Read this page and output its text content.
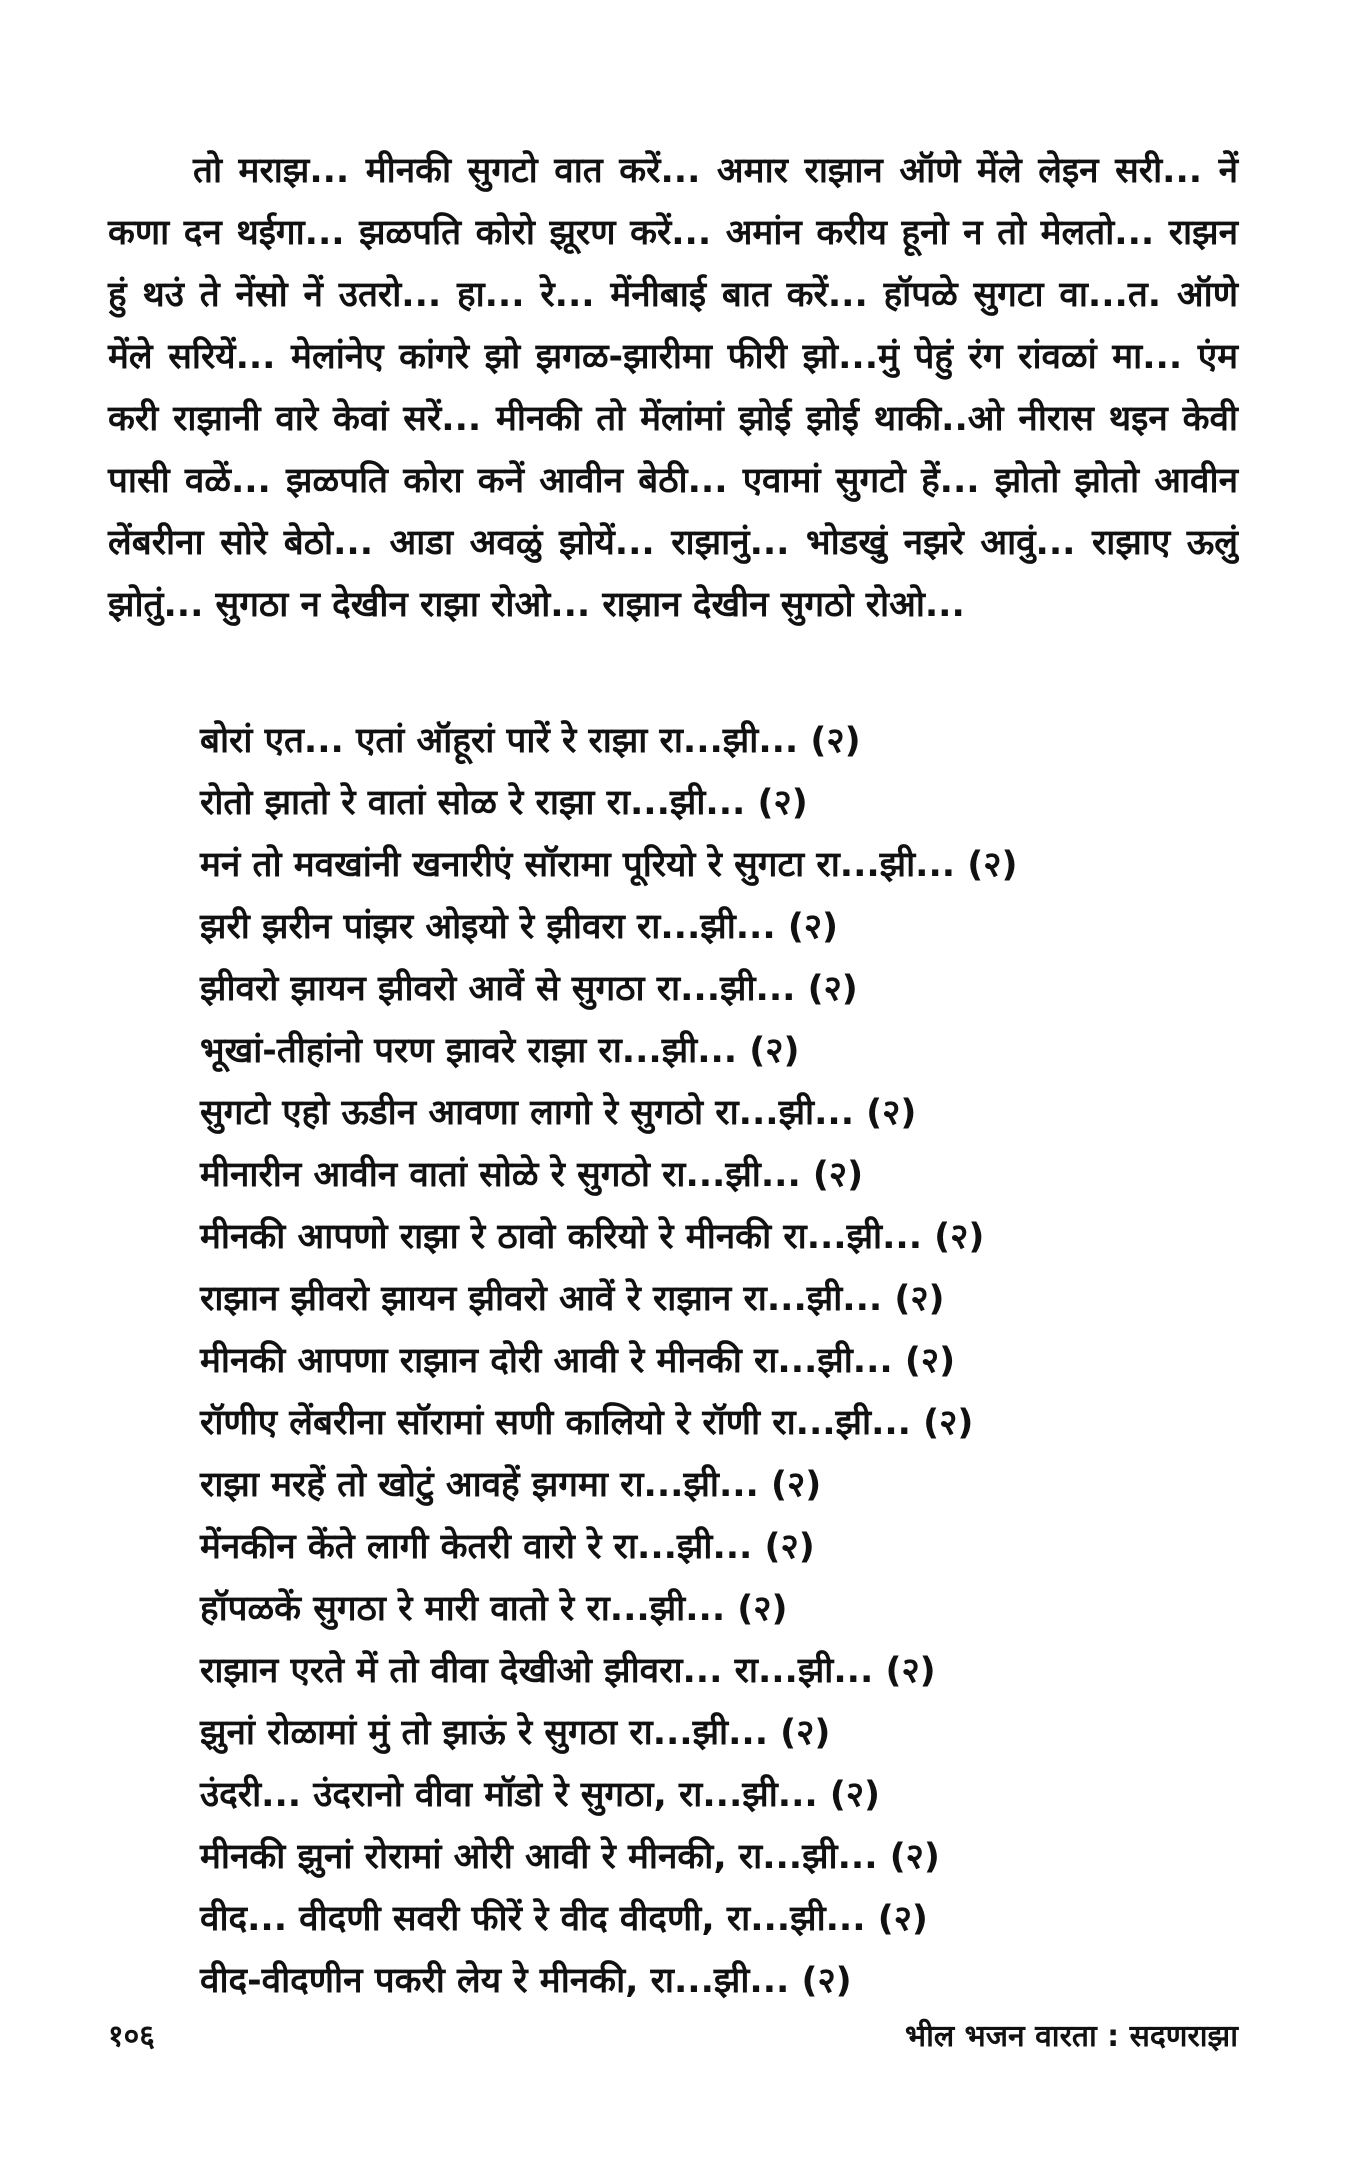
तो मराझ... मीनकी सुगटो वात करें... अमार राझान ऑणे मेंले लेइन सरी... नें कणा दन थईगा... झळपति कोरो झूरण करें... अमांन करीय हूनो न तो मेलतो... राझन हुं थउं ते नेंसो नें उतरो... हा... रे... मेंनीबाई बात करें... हॉपळे सुगटा वा...त. ऑणे मेंले सरियें... मेलांनेए कांगरे झो झगळ-झारीमा फीरी झो...मुं पेहुं रंग रांवळां मा... एंम करी राझानी वारे केवां सरें... मीनकी तो मेंलांमां झोई झोई थाकी..ओ नीरास थइन केवी पासी वळें... झळपति कोरा कनें आवीन बेठी... एवामां सुगटो हें... झोतो झोतो आवीन लेंबरीना सोरे बेठो... आडा अवळुं झोयें... राझानुं... भोडखुं नझरे आवुं... राझाए ऊलुं झोतुं... सुगठा न देखीन राझा रोओ... राझान देखीन सुगठो रोओ...

बोरां एत... एतां ऑहूरां पारें रे राझा रा...झी... (२)
रोतो झातो रे वातां सोळ रे राझा रा...झी... (२)
मनं तो मवखांनी खनारीएं सॉरामा पूरियो रे सुगटा रा...झी... (२)
झरी झरीन पांझर ओइयो रे झीवरा रा...झी... (२)
झीवरो झायन झीवरो आवें से सुगठा रा...झी... (२)
भूखां-तीहांनो परण झावरे राझा रा...झी... (२)
सुगटो एहो ऊडीन आवणा लागो रे सुगठो रा...झी... (२)
मीनारीन आवीन वातां सोळे रे सुगठो रा...झी... (२)
मीनकी आपणो राझा रे ठावो करियो रे मीनकी रा...झी... (२)
राझान झीवरो झायन झीवरो आवें रे राझान रा...झी... (२)
मीनकी आपणा राझान दोरी आवी रे मीनकी रा...झी... (२)
रॉणीए लेंबरीना सॉरामां सणी कालियो रे रॉणी रा...झी... (२)
राझा मरहें तो खोटुं आवहें झगमा रा...झी... (२)
मेंनकीन केंते लागी केतरी वारो रे रा...झी... (२)
हॉपळकें सुगठा रे मारी वातो रे रा...झी... (२)
राझान एरते में तो वीवा देखीओ झीवरा... रा...झी... (२)
झुनां रोळामां मुं तो झाऊं रे सुगठा रा...झी... (२)
उंदरी... उंदरानो वीवा मॉडो रे सुगठा, रा...झी... (२)
मीनकी झुनां रोरामां ओरी आवी रे मीनकी, रा...झी... (२)
वीद... वीदणी सवरी फीरें रे वीद वीदणी, रा...झी... (२)
वीद-वीदणीन पकरी लेय रे मीनकी, रा...झी... (२)
१०६	भील भजन वारता : सदणराझा
